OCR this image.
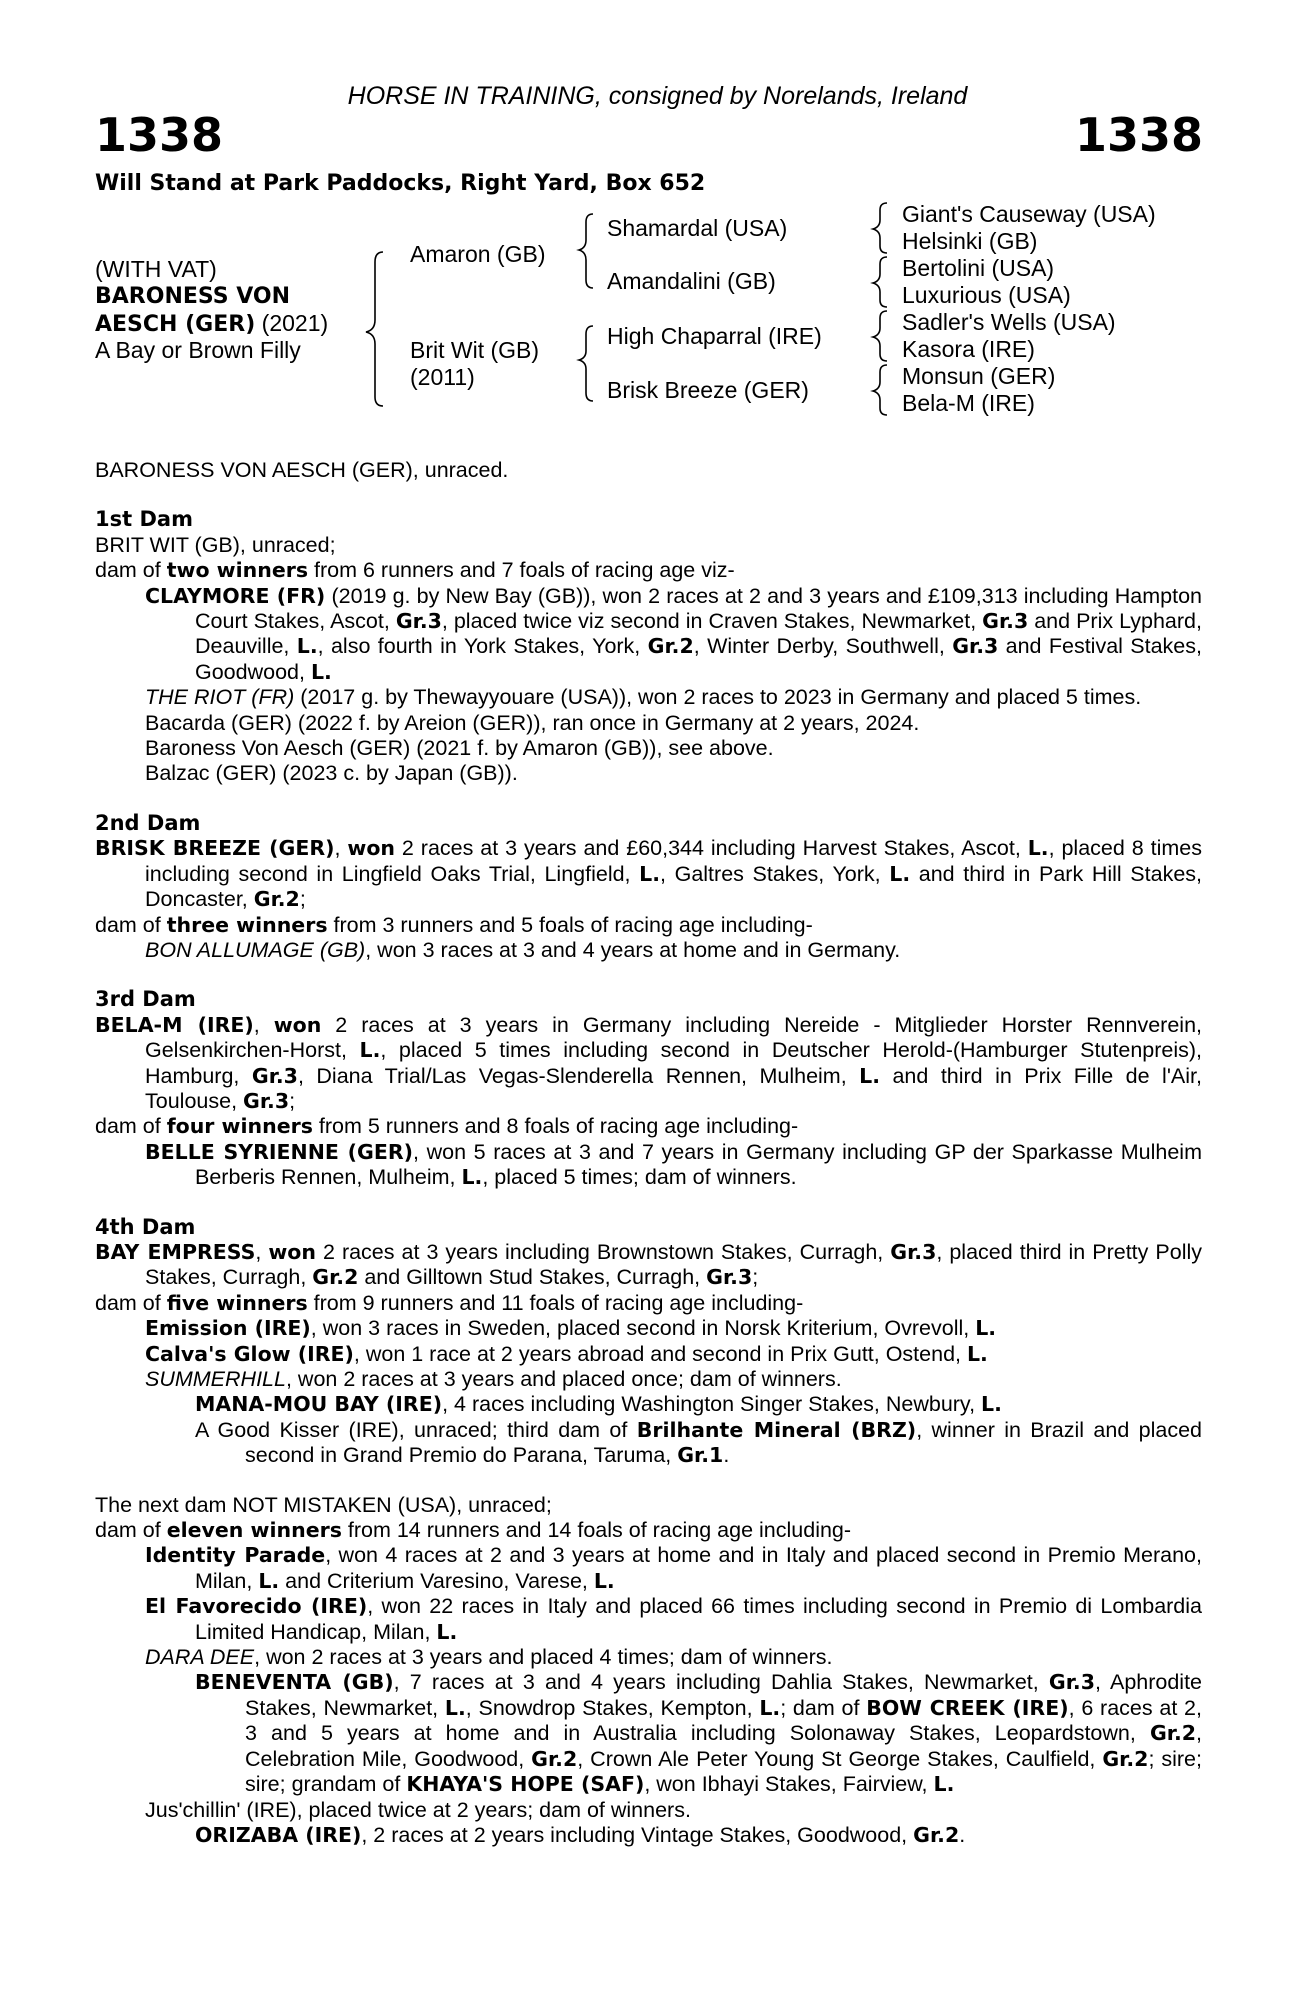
HORSE IN TRAINING, consigned by Norelands, Ireland
1338	1338
Will Stand at Park Paddocks, Right Yard, Box 652
(WITH VAT)
BARONESS VON
AESCH (GER) (2021)
A Bay or Brown Filly
Amaron (GB)
Brit Wit (GB)
(2011)
Shamardal (USA)
Amandalini (GB)
High Chaparral (IRE)
Brisk Breeze (GER)
Giant's Causeway (USA)
Helsinki (GB)
Bertolini (USA)
Luxurious (USA)
Sadler's Wells (USA)
Kasora (IRE)
Monsun (GER)
Bela-M (IRE)

BARONESS VON AESCH (GER), unraced.

1st Dam

BRIT WIT (GB), unraced;

dam of two winners from 6 runners and 7 foals of racing age viz-

CLAYMORE (FR) (2019 g. by New Bay (GB)), won 2 races at 2 and 3 years and £109,313 including Hampton Court Stakes, Ascot, Gr.3, placed twice viz second in Craven Stakes, Newmarket, Gr.3 and Prix Lyphard, Deauville, L., also fourth in York Stakes, York, Gr.2, Winter Derby, Southwell, Gr.3 and Festival Stakes, Goodwood, L.

THE RIOT (FR) (2017 g. by Thewayyouare (USA)), won 2 races to 2023 in Germany and placed 5 times.

Bacarda (GER) (2022 f. by Areion (GER)), ran once in Germany at 2 years, 2024.

Baroness Von Aesch (GER) (2021 f. by Amaron (GB)), see above.

Balzac (GER) (2023 c. by Japan (GB)).

2nd Dam

BRISK BREEZE (GER), won 2 races at 3 years and £60,344 including Harvest Stakes, Ascot, L., placed 8 times including second in Lingfield Oaks Trial, Lingfield, L., Galtres Stakes, York, L. and third in Park Hill Stakes, Doncaster, Gr.2;

dam of three winners from 3 runners and 5 foals of racing age including-

BON ALLUMAGE (GB), won 3 races at 3 and 4 years at home and in Germany.

3rd Dam

BELA-M (IRE), won 2 races at 3 years in Germany including Nereide - Mitglieder Horster Rennverein, Gelsenkirchen-Horst, L., placed 5 times including second in Deutscher Herold-(Hamburger Stutenpreis), Hamburg, Gr.3, Diana Trial/Las Vegas-Slenderella Rennen, Mulheim, L. and third in Prix Fille de l'Air, Toulouse, Gr.3;

dam of four winners from 5 runners and 8 foals of racing age including-

BELLE SYRIENNE (GER), won 5 races at 3 and 7 years in Germany including GP der Sparkasse Mulheim Berberis Rennen, Mulheim, L., placed 5 times; dam of winners.

4th Dam

BAY EMPRESS, won 2 races at 3 years including Brownstown Stakes, Curragh, Gr.3, placed third in Pretty Polly Stakes, Curragh, Gr.2 and Gilltown Stud Stakes, Curragh, Gr.3;

dam of five winners from 9 runners and 11 foals of racing age including-

Emission (IRE), won 3 races in Sweden, placed second in Norsk Kriterium, Ovrevoll, L.

Calva's Glow (IRE), won 1 race at 2 years abroad and second in Prix Gutt, Ostend, L.

SUMMERHILL, won 2 races at 3 years and placed once; dam of winners.

MANA-MOU BAY (IRE), 4 races including Washington Singer Stakes, Newbury, L.

A Good Kisser (IRE), unraced; third dam of Brilhante Mineral (BRZ), winner in Brazil and placed second in Grand Premio do Parana, Taruma, Gr.1.

The next dam NOT MISTAKEN (USA), unraced;

dam of eleven winners from 14 runners and 14 foals of racing age including-

Identity Parade, won 4 races at 2 and 3 years at home and in Italy and placed second in Premio Merano, Milan, L. and Criterium Varesino, Varese, L.

El Favorecido (IRE), won 22 races in Italy and placed 66 times including second in Premio di Lombardia Limited Handicap, Milan, L.

DARA DEE, won 2 races at 3 years and placed 4 times; dam of winners.

BENEVENTA (GB), 7 races at 3 and 4 years including Dahlia Stakes, Newmarket, Gr.3, Aphrodite Stakes, Newmarket, L., Snowdrop Stakes, Kempton, L.; dam of BOW CREEK (IRE), 6 races at 2, 3 and 5 years at home and in Australia including Solonaway Stakes, Leopardstown, Gr.2, Celebration Mile, Goodwood, Gr.2, Crown Ale Peter Young St George Stakes, Caulfield, Gr.2; sire; sire; grandam of KHAYA'S HOPE (SAF), won Ibhayi Stakes, Fairview, L.

Jus'chillin' (IRE), placed twice at 2 years; dam of winners.

ORIZABA (IRE), 2 races at 2 years including Vintage Stakes, Goodwood, Gr.2.
